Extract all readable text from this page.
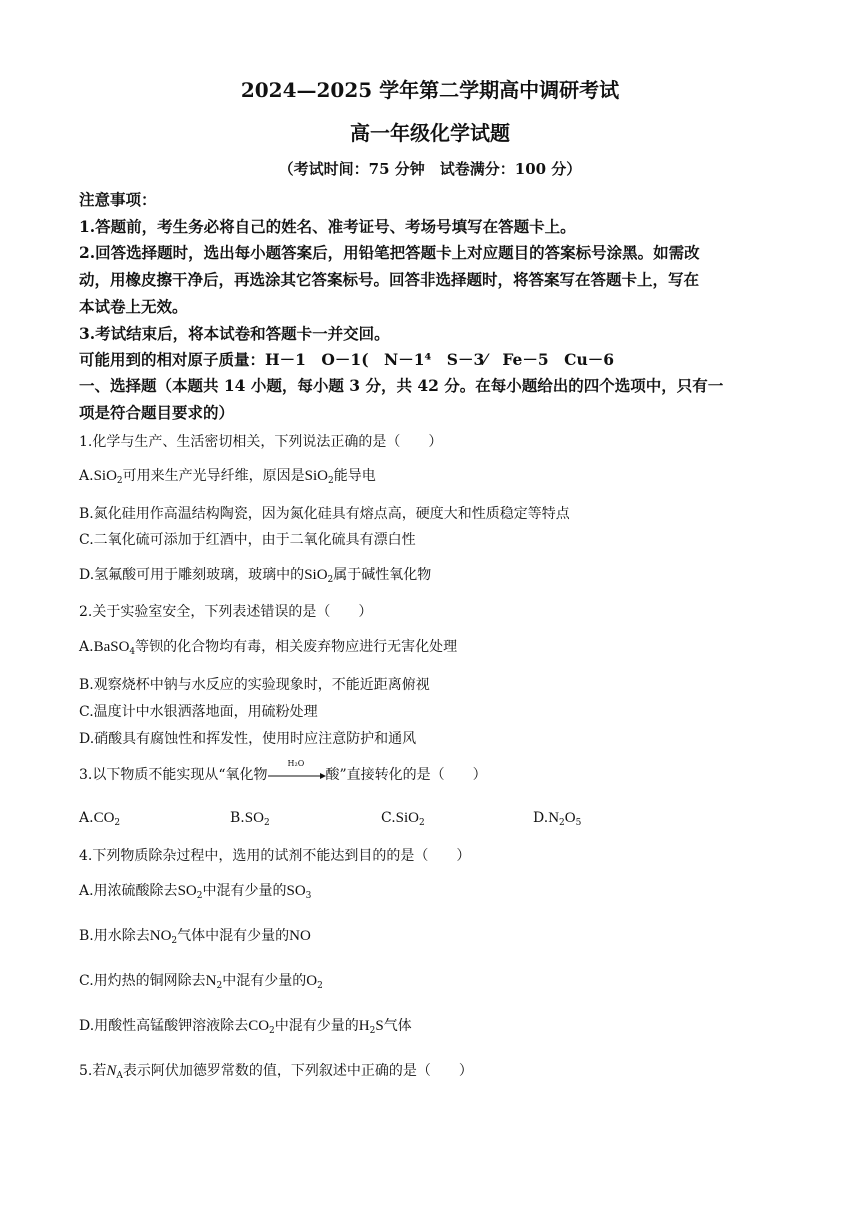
2024—2025 学年第二学期高中调研考试
高一年级化学试题
（考试时间：75 分钟　试卷满分：100 分）
注意事项：
1.答题前，考生务必将自己的姓名、准考证号、考场号填写在答题卡上。
2.回答选择题时，选出每小题答案后，用铅笔把答题卡上对应题目的答案标号涂黑。如需改
动，用橡皮擦干净后，再选涂其它答案标号。回答非选择题时，将答案写在答题卡上，写在
本试卷上无效。
3.考试结束后，将本试卷和答题卡一并交回。
可能用到的相对原子质量：H－1　O－1(　N－1⁴　S－3⁄　Fe－5　Cu－6
一、选择题（本题共 14 小题，每小题 3 分，共 42 分。在每小题给出的四个选项中，只有一
项是符合题目要求的）
1.化学与生产、生活密切相关，下列说法正确的是（　　）
A.SiO$_2$可用来生产光导纤维，原因是SiO$_2$能导电
B.氮化硅用作高温结构陶瓷，因为氮化硅具有熔点高，硬度大和性质稳定等特点
C.二氧化硫可添加于红酒中，由于二氧化硫具有漂白性
D.氢氟酸可用于雕刻玻璃，玻璃中的SiO$_2$属于碱性氧化物
2.关于实验室安全，下列表述错误的是（　　）
A.BaSO$_4$等钡的化合物均有毒，相关废弃物应进行无害化处理
B.观察烧杯中钠与水反应的实验现象时，不能近距离俯视
C.温度计中水银洒落地面，用硫粉处理
D.硝酸具有腐蚀性和挥发性，使用时应注意防护和通风
3.以下物质不能实现从“氧化物
H₂O
酸”直接转化的是（　　）
$A.CO_2$	$B.SO_2$	C.SiO$_2$	$D.N_2O_5$
4.下列物质除杂过程中，选用的试剂不能达到目的的是（　　）
A.用浓硫酸除去$SO_2$中混有少量的$SO_3$
B.用水除去$NO_2$气体中混有少量的NO
C.用灼热的铜网除去$N_2$中混有少量的$O_2$
D.用酸性高锰酸钾溶液除去$CO_2$中混有少量的$H_2S$气体
5.若$N_A$表示阿伏加德罗常数的值，下列叙述中正确的是（　　）
